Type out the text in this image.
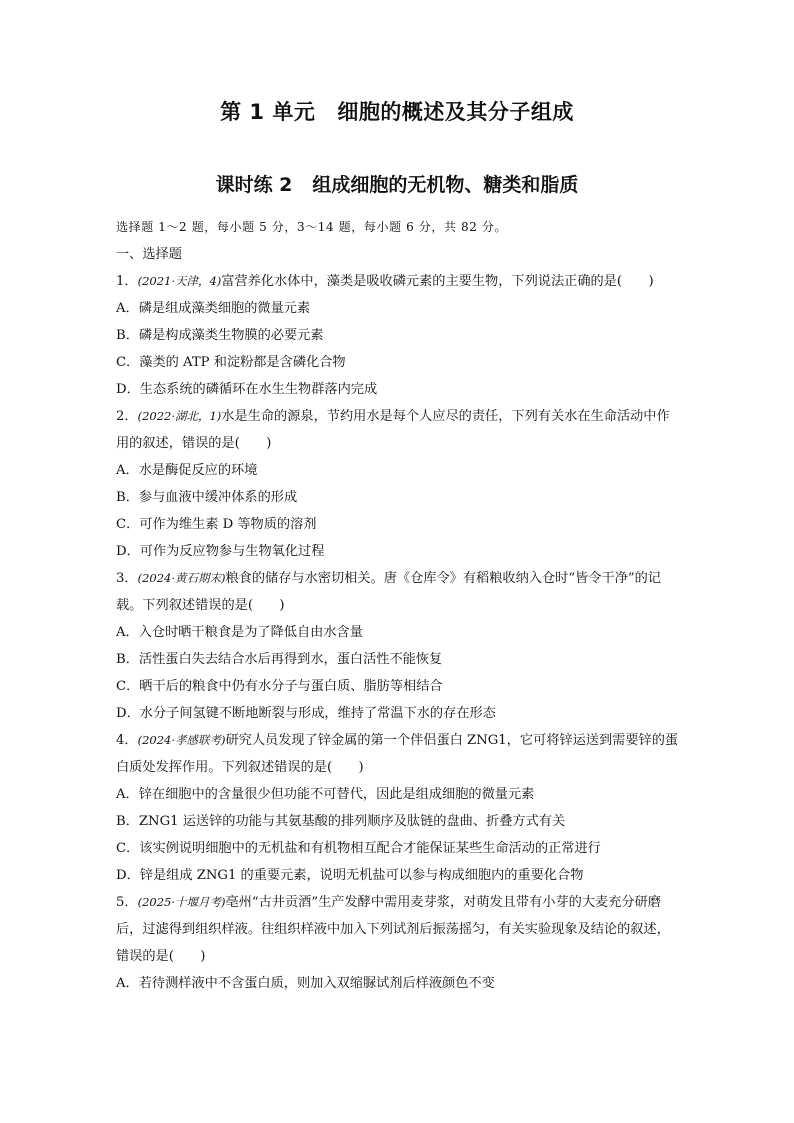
第 1 单元 细胞的概述及其分子组成
课时练 2 组成细胞的无机物、糖类和脂质
选择题 1～2 题，每小题 5 分，3～14 题，每小题 6 分，共 82 分。
一、选择题
1．(2021·天津，4)富营养化水体中，藻类是吸收磷元素的主要生物，下列说法正确的是(　　)
A．磷是组成藻类细胞的微量元素
B．磷是构成藻类生物膜的必要元素
C．藻类的 ATP 和淀粉都是含磷化合物
D．生态系统的磷循环在水生生物群落内完成
2．(2022·湖北，1)水是生命的源泉，节约用水是每个人应尽的责任，下列有关水在生命活动中作用的叙述，错误的是(　　)
A．水是酶促反应的环境
B．参与血液中缓冲体系的形成
C．可作为维生素 D 等物质的溶剂
D．可作为反应物参与生物氧化过程
3．(2024·黄石期末)粮食的储存与水密切相关。唐《仓库令》有稻粮收纳入仓时“皆令干净”的记载。下列叙述错误的是(　　)
A．入仓时晒干粮食是为了降低自由水含量
B．活性蛋白失去结合水后再得到水，蛋白活性不能恢复
C．晒干后的粮食中仍有水分子与蛋白质、脂肪等相结合
D．水分子间氢键不断地断裂与形成，维持了常温下水的存在形态
4．(2024·孝感联考)研究人员发现了锌金属的第一个伴侣蛋白 ZNG1，它可将锌运送到需要锌的蛋白质处发挥作用。下列叙述错误的是(　　)
A．锌在细胞中的含量很少但功能不可替代，因此是组成细胞的微量元素
B．ZNG1 运送锌的功能与其氨基酸的排列顺序及肽链的盘曲、折叠方式有关
C．该实例说明细胞中的无机盐和有机物相互配合才能保证某些生命活动的正常进行
D．锌是组成 ZNG1 的重要元素，说明无机盐可以参与构成细胞内的重要化合物
5．(2025·十堰月考)亳州“古井贡酒”生产发酵中需用麦芽浆，对萌发且带有小芽的大麦充分研磨后，过滤得到组织样液。往组织样液中加入下列试剂后振荡摇匀，有关实验现象及结论的叙述，错误的是(　　)
A．若待测样液中不含蛋白质，则加入双缩脲试剂后样液颜色不变
